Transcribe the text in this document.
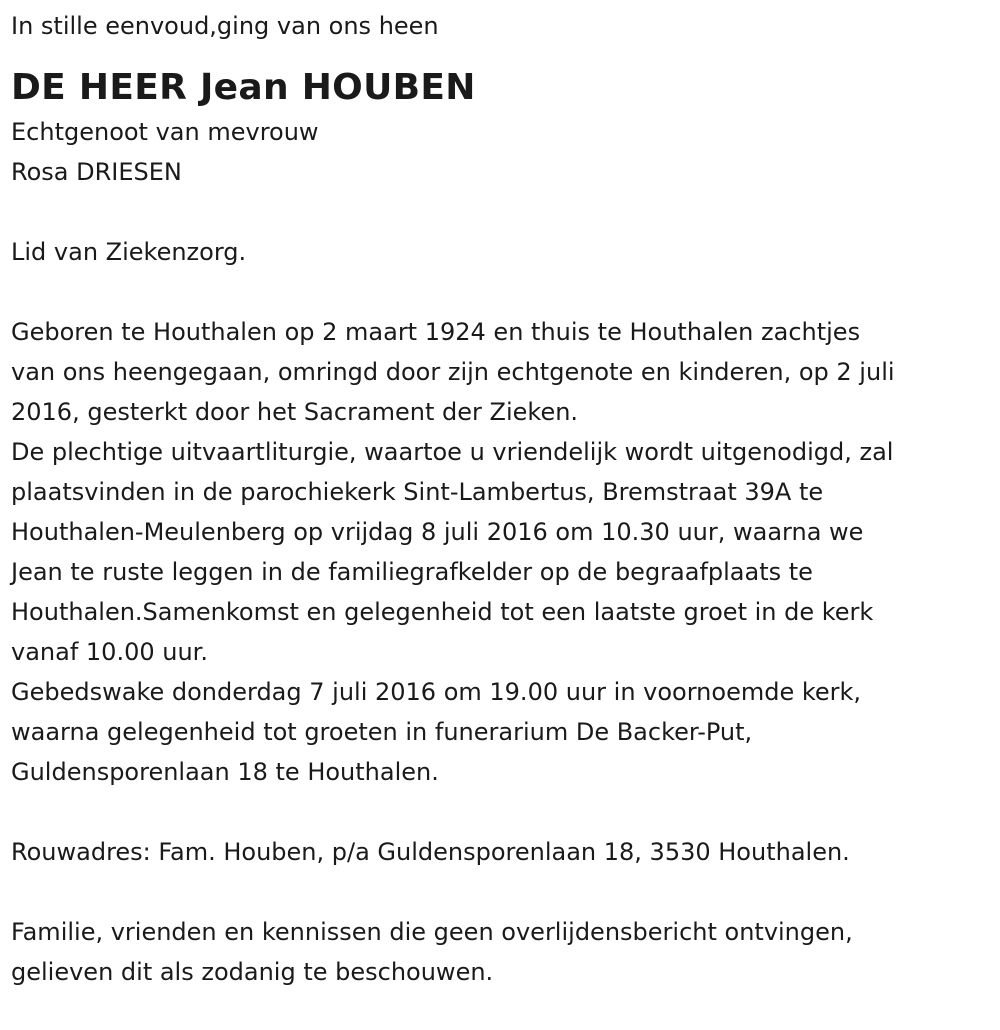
In stille eenvoud,ging van ons heen
DE HEER Jean HOUBEN
Echtgenoot van mevrouw
Rosa DRIESEN
Lid van Ziekenzorg.
Geboren te Houthalen op 2 maart 1924 en thuis te Houthalen zachtjes
van ons heengegaan, omringd door zijn echtgenote en kinderen, op 2 juli
2016, gesterkt door het Sacrament der Zieken.
De plechtige uitvaartliturgie, waartoe u vriendelijk wordt uitgenodigd, zal
plaatsvinden in de parochiekerk Sint-Lambertus, Bremstraat 39A te
Houthalen-Meulenberg op vrijdag 8 juli 2016 om 10.30 uur, waarna we
Jean te ruste leggen in de familiegrafkelder op de begraafplaats te
Houthalen.Samenkomst en gelegenheid tot een laatste groet in de kerk
vanaf 10.00 uur.
Gebedswake donderdag 7 juli 2016 om 19.00 uur in voornoemde kerk,
waarna gelegenheid tot groeten in funerarium De Backer-Put,
Guldensporenlaan 18 te Houthalen.
Rouwadres: Fam. Houben, p/a Guldensporenlaan 18, 3530 Houthalen.
Familie, vrienden en kennissen die geen overlijdensbericht ontvingen,
gelieven dit als zodanig te beschouwen.
